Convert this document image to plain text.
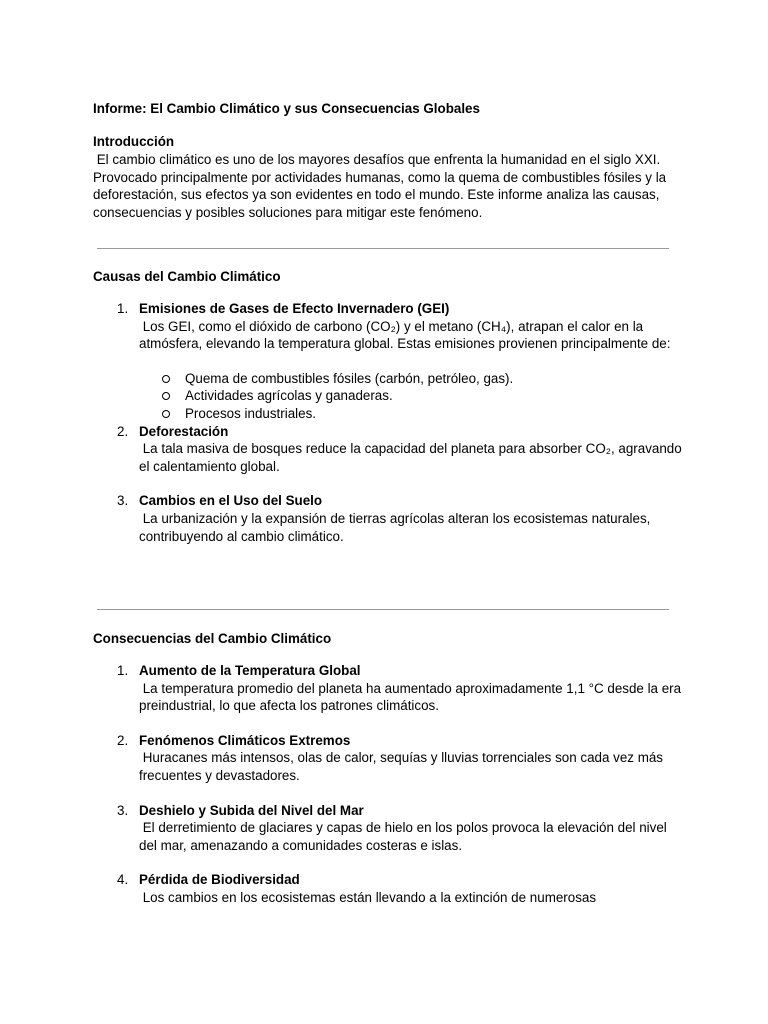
Informe: El Cambio Climático y sus Consecuencias Globales

Introducción

El cambio climático es uno de los mayores desafíos que enfrenta la humanidad en el siglo XXI. Provocado principalmente por actividades humanas, como la quema de combustibles fósiles y la deforestación, sus efectos ya son evidentes en todo el mundo. Este informe analiza las causas, consecuencias y posibles soluciones para mitigar este fenómeno.

Causas del Cambio Climático

1. Emisiones de Gases de Efecto Invernadero (GEI)
Los GEI, como el dióxido de carbono (CO₂) y el metano (CH₄), atrapan el calor en la atmósfera, elevando la temperatura global. Estas emisiones provienen principalmente de:
Quema de combustibles fósiles (carbón, petróleo, gas).
Actividades agrícolas y ganaderas.
Procesos industriales.
2. Deforestación
La tala masiva de bosques reduce la capacidad del planeta para absorber CO₂, agravando el calentamiento global.
3. Cambios en el Uso del Suelo
La urbanización y la expansión de tierras agrícolas alteran los ecosistemas naturales, contribuyendo al cambio climático.

Consecuencias del Cambio Climático

1. Aumento de la Temperatura Global
La temperatura promedio del planeta ha aumentado aproximadamente 1,1 °C desde la era preindustrial, lo que afecta los patrones climáticos.
2. Fenómenos Climáticos Extremos
Huracanes más intensos, olas de calor, sequías y lluvias torrenciales son cada vez más frecuentes y devastadores.
3. Deshielo y Subida del Nivel del Mar
El derretimiento de glaciares y capas de hielo en los polos provoca la elevación del nivel del mar, amenazando a comunidades costeras e islas.
4. Pérdida de Biodiversidad
Los cambios en los ecosistemas están llevando a la extinción de numerosas
